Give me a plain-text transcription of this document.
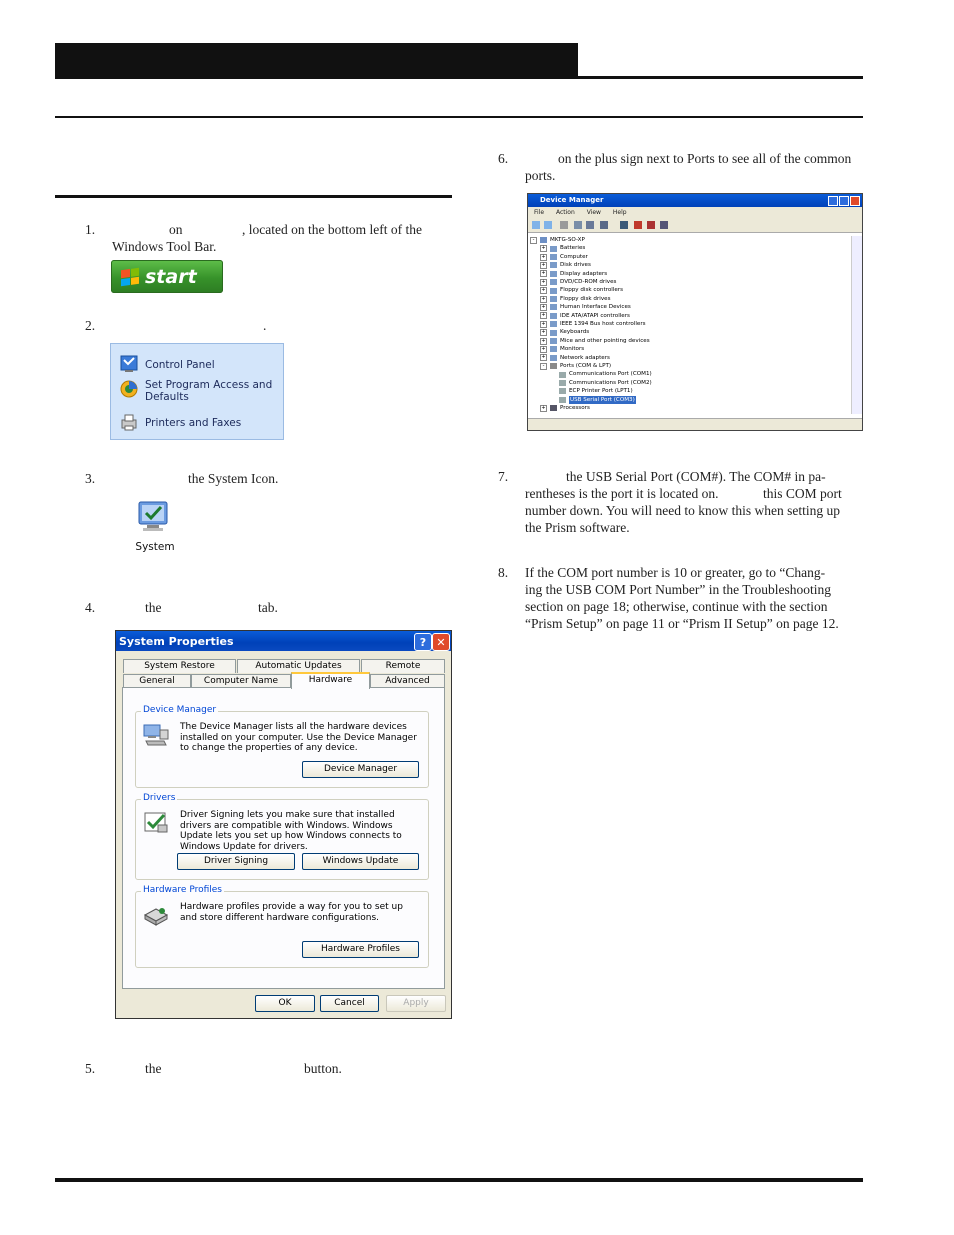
1.	on	, located on the bottom left of the
Windows Tool Bar.
start
2.	.
Control Panel
Set Program Access and
Defaults
Printers and Faxes
3.	the System Icon.
System
4.	the	tab.
System Properties	? ✕
System Restore	Automatic Updates	Remote
General	Computer Name	Hardware	Advanced
Device Manager
The Device Manager lists all the hardware devices installed on your computer. Use the Device Manager to change the properties of any device.
Device Manager
Drivers
Driver Signing lets you make sure that installed drivers are compatible with Windows. Windows Update lets you set up how Windows connects to Windows Update for drivers.
Driver Signing	Windows Update
Hardware Profiles
Hardware profiles provide a way for you to set up and store different hardware configurations.
Hardware Profiles
OK	Cancel	Apply
5.	the	button.
6.	on the plus sign next to Ports to see all of the common
ports.
Device Manager
File Action View Help
-	MKTG-SO-XP
+	Batteries
+	Computer
+	Disk drives
+	Display adapters
+	DVD/CD-ROM drives
+	Floppy disk controllers
+	Floppy disk drives
+	Human Interface Devices
+	IDE ATA/ATAPI controllers
+	IEEE 1394 Bus host controllers
+	Keyboards
+	Mice and other pointing devices
+	Monitors
+	Network adapters
-	Ports (COM & LPT)
Communications Port (COM1)
Communications Port (COM2)
ECP Printer Port (LPT1)
USB Serial Port (COM3)
+	Processors
7.	the USB Serial Port (COM#). The COM# in pa-
rentheses is the port it is located on.	this COM port
number down. You will need to know this when setting up
the Prism software.
8. If the COM port number is 10 or greater, go to “Chang-
ing the USB COM Port Number” in the Troubleshooting
section on page 18; otherwise, continue with the section
“Prism Setup” on page 11 or “Prism II Setup” on page 12.
